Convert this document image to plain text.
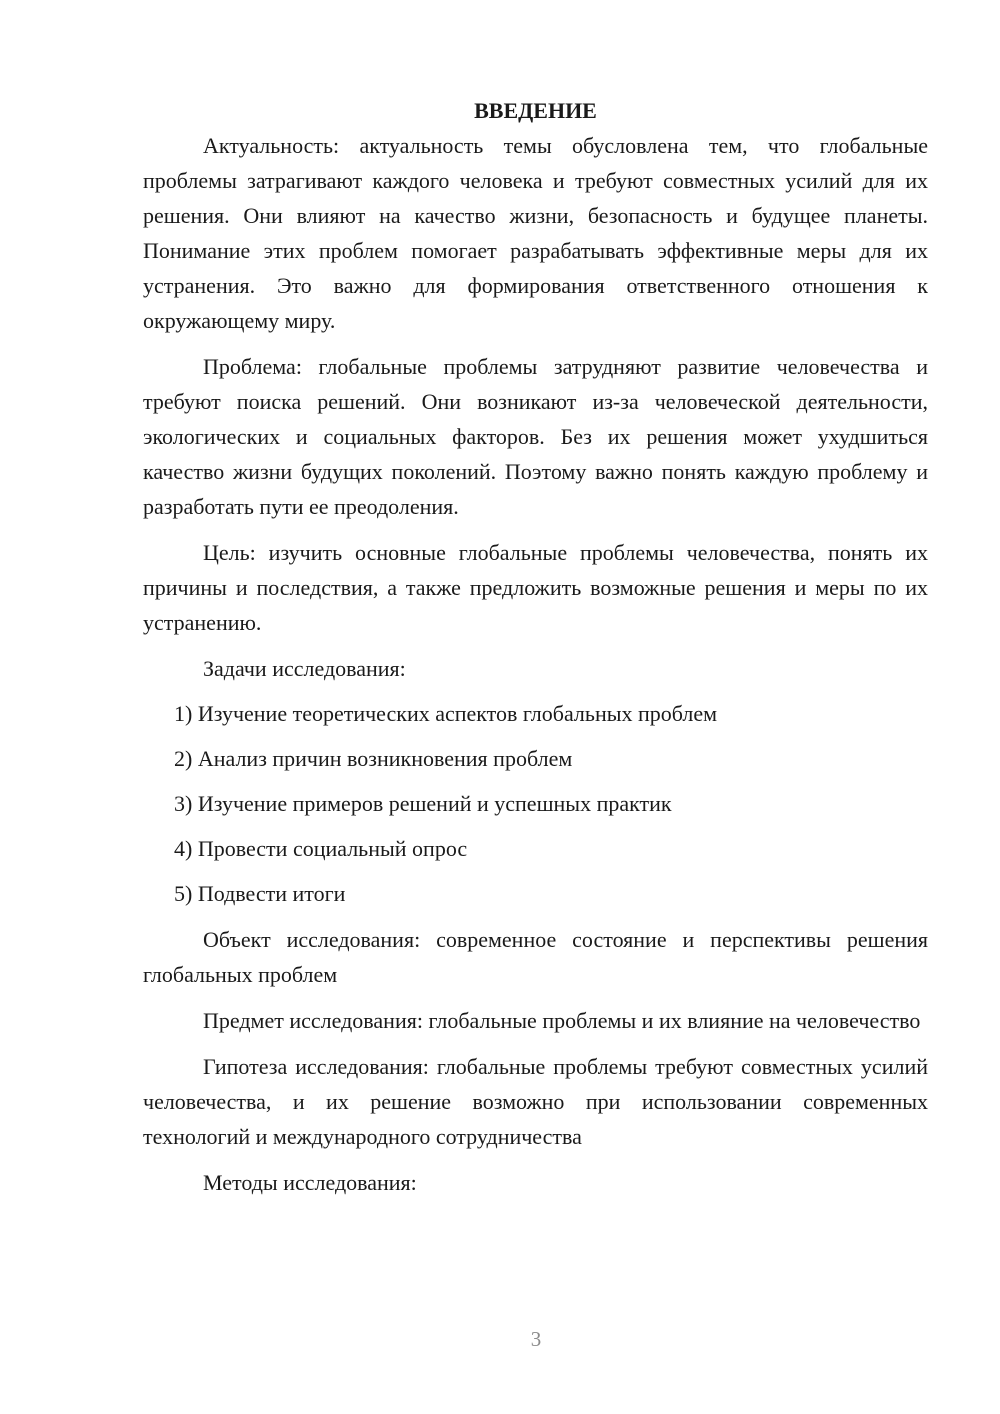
ВВЕДЕНИЕ

Актуальность: актуальность темы обусловлена тем, что глобальные проблемы затрагивают каждого человека и требуют совместных усилий для их решения. Они влияют на качество жизни, безопасность и будущее планеты. Понимание этих проблем помогает разрабатывать эффективные меры для их устранения. Это важно для формирования ответственного отношения к окружающему миру.

Проблема: глобальные проблемы затрудняют развитие человечества и требуют поиска решений. Они возникают из-за человеческой деятельности, экологических и социальных факторов. Без их решения может ухудшиться качество жизни будущих поколений. Поэтому важно понять каждую проблему и разработать пути ее преодоления.

Цель: изучить основные глобальные проблемы человечества, понять их причины и последствия, а также предложить возможные решения и меры по их устранению.

Задачи исследования:

1) Изучение теоретических аспектов глобальных проблем

2) Анализ причин возникновения проблем

3) Изучение примеров решений и успешных практик

4) Провести социальный опрос

5) Подвести итоги

Объект исследования: современное состояние и перспективы решения глобальных проблем

Предмет исследования: глобальные проблемы и их влияние на человечество

Гипотеза исследования: глобальные проблемы требуют совместных усилий человечества, и их решение возможно при использовании современных технологий и международного сотрудничества

Методы исследования:

3
